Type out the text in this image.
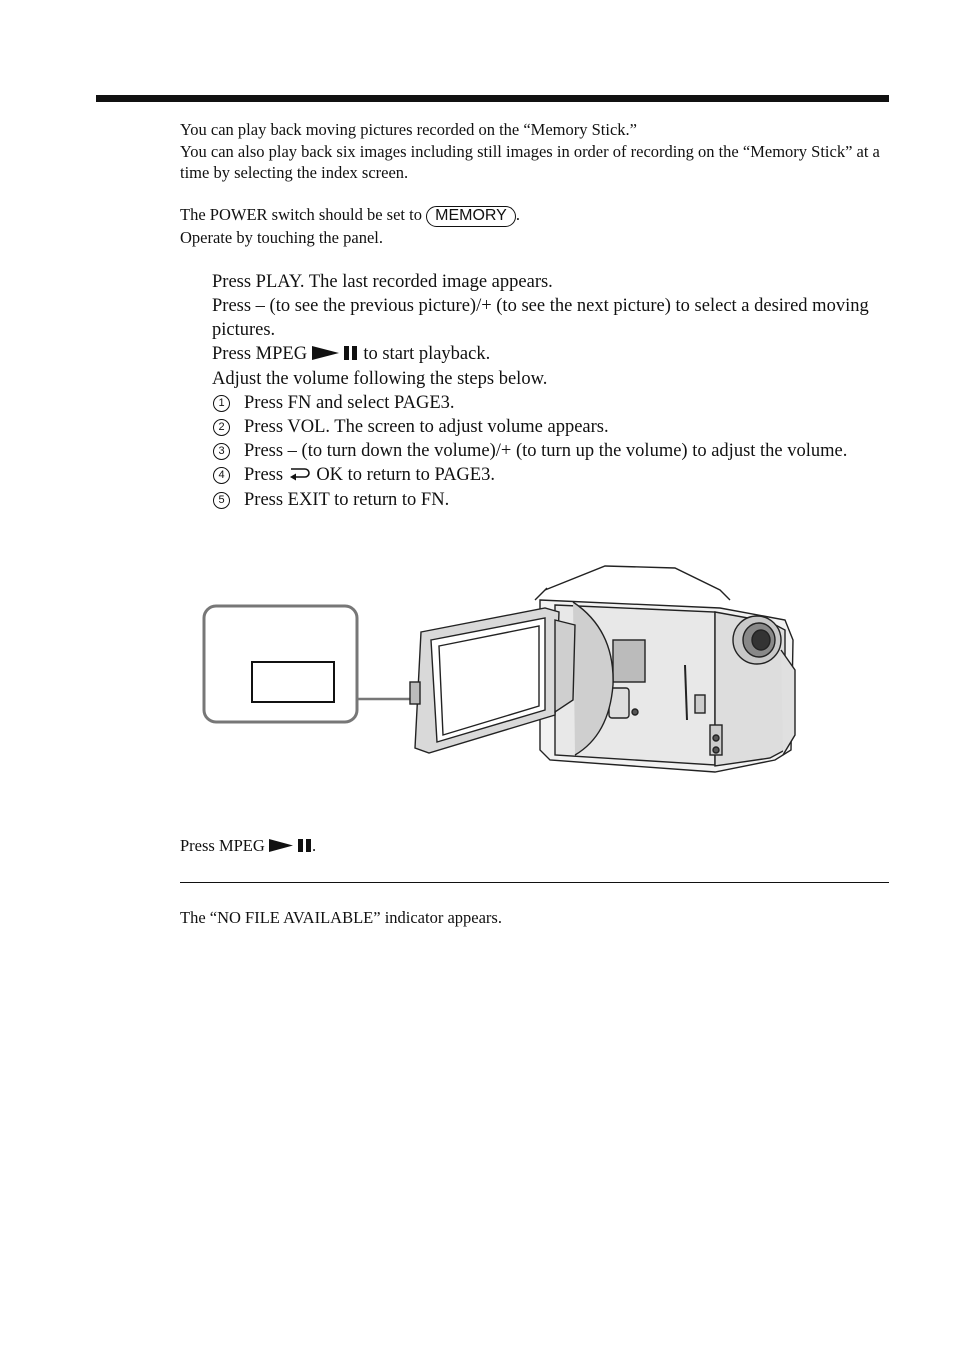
You can play back moving pictures recorded on the “Memory Stick.”

You can also play back six images including still images in order of recording on the “Memory Stick” at a time by selecting the index screen.

The POWER switch should be set to MEMORY .

Operate by touching the panel.

Press PLAY. The last recorded image appears.

Press – (to see the previous picture)/+ (to see the next picture) to select a desired moving pictures.

Press MPEG	to start playback.

Adjust the volume following the steps below.

1 Press FN and select PAGE3.
2 Press VOL. The screen to adjust volume appears.
3 Press – (to turn down the volume)/+ (to turn up the volume) to adjust the volume.
4 Press  OK to return to PAGE3.
5 Press EXIT to return to FN.

Press MPEG	.

The “NO FILE AVAILABLE” indicator appears.
